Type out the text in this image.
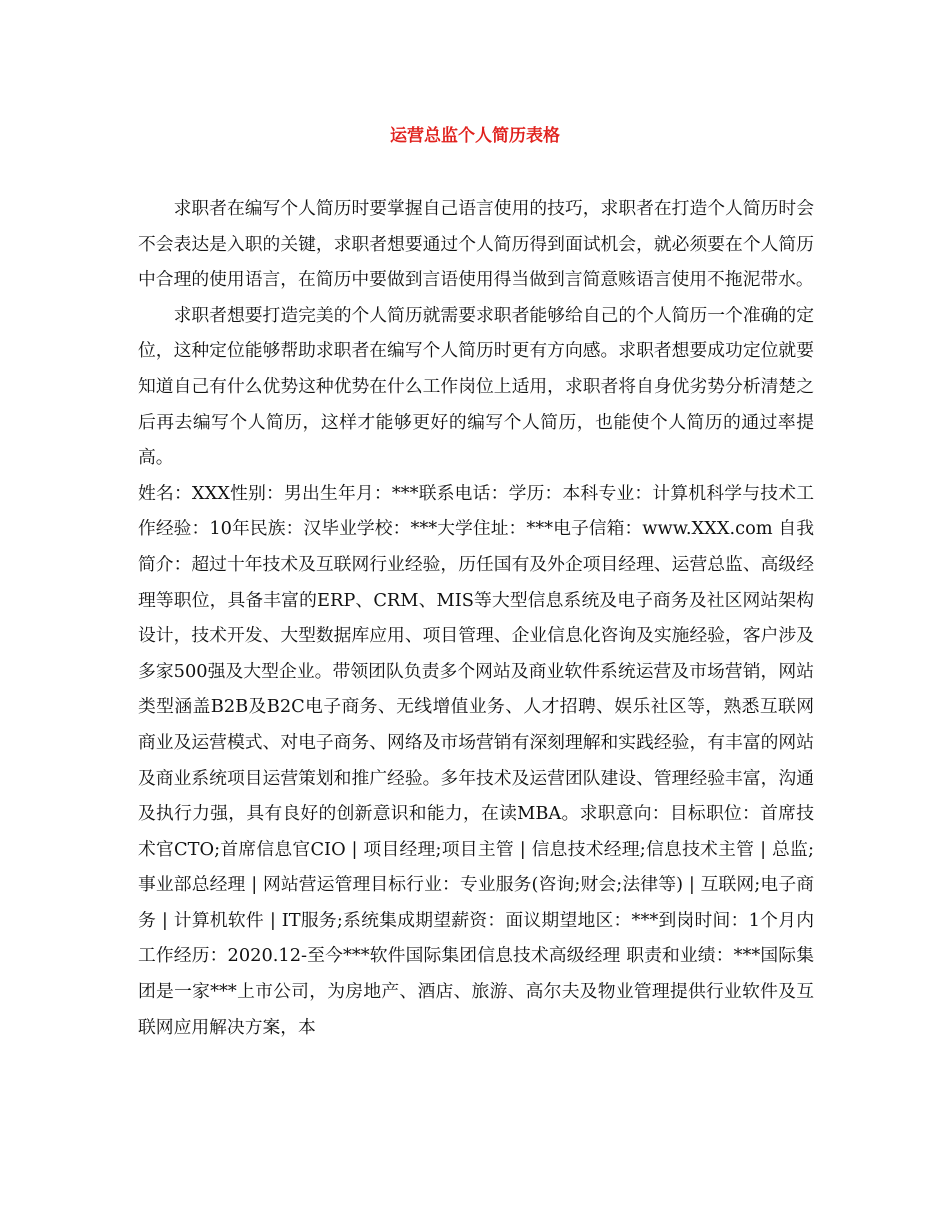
运营总监个人简历表格

求职者在编写个人简历时要掌握自己语言使用的技巧，求职者在打造个人简历时会不会表达是入职的关键，求职者想要通过个人简历得到面试机会，就必须要在个人简历中合理的使用语言，在简历中要做到言语使用得当做到言简意赅语言使用不拖泥带水。

求职者想要打造完美的个人简历就需要求职者能够给自己的个人简历一个准确的定位，这种定位能够帮助求职者在编写个人简历时更有方向感。求职者想要成功定位就要知道自己有什么优势这种优势在什么工作岗位上适用，求职者将自身优劣势分析清楚之后再去编写个人简历，这样才能够更好的编写个人简历，也能使个人简历的通过率提高。

姓名：XXX性别：男出生年月：***联系电话：学历：本科专业：计算机科学与技术工作经验：10年民族：汉毕业学校：***大学住址：***电子信箱：www.XXX.com 自我简介：超过十年技术及互联网行业经验，历任国有及外企项目经理、运营总监、高级经理等职位，具备丰富的ERP、CRM、MIS等大型信息系统及电子商务及社区网站架构设计，技术开发、大型数据库应用、项目管理、企业信息化咨询及实施经验，客户涉及多家500强及大型企业。带领团队负责多个网站及商业软件系统运营及市场营销，网站类型涵盖B2B及B2C电子商务、无线增值业务、人才招聘、娱乐社区等，熟悉互联网商业及运营模式、对电子商务、网络及市场营销有深刻理解和实践经验，有丰富的网站及商业系统项目运营策划和推广经验。多年技术及运营团队建设、管理经验丰富，沟通及执行力强，具有良好的创新意识和能力，在读MBA。求职意向：目标职位：首席技术官CTO;首席信息官CIO | 项目经理;项目主管 | 信息技术经理;信息技术主管 | 总监;事业部总经理 | 网站营运管理目标行业：专业服务(咨询;财会;法律等) | 互联网;电子商务 | 计算机软件 | IT服务;系统集成期望薪资：面议期望地区：***到岗时间：1个月内工作经历：2020.12-至今***软件国际集团信息技术高级经理 职责和业绩：***国际集团是一家***上市公司，为房地产、酒店、旅游、高尔夫及物业管理提供行业软件及互联网应用解决方案，本
